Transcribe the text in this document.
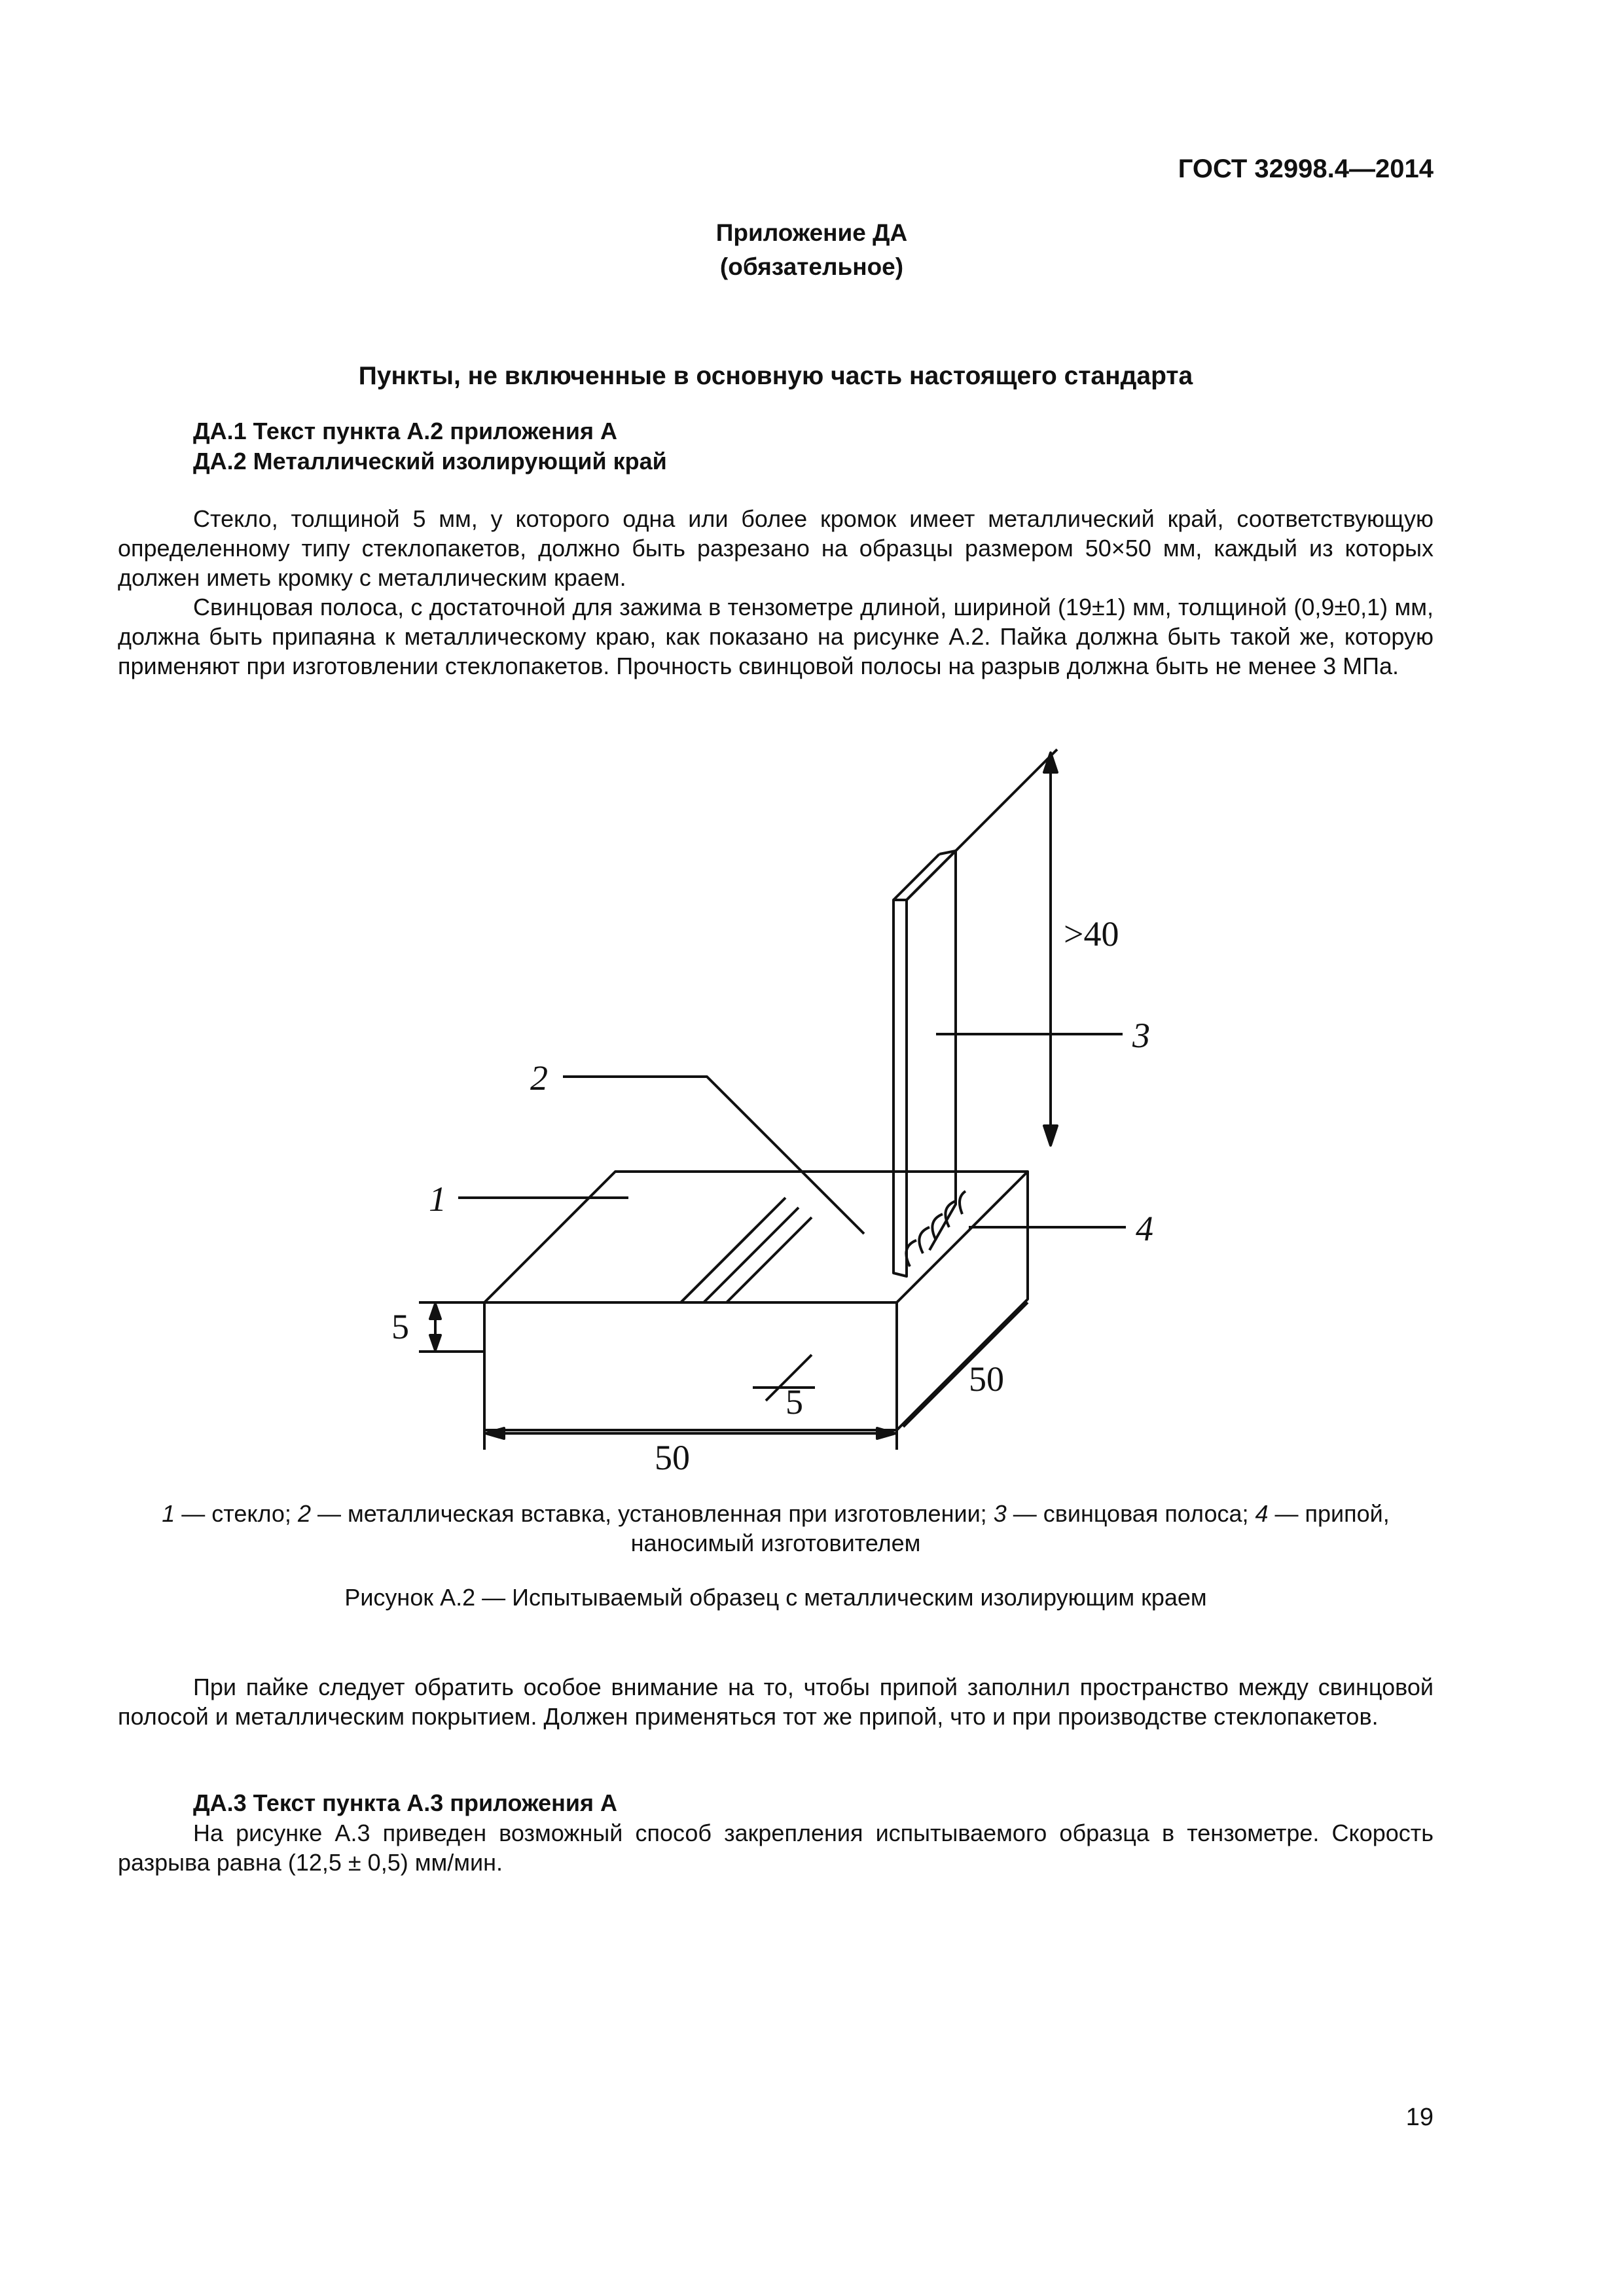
ГОСТ 32998.4—2014
Приложение ДА
(обязательное)
Пункты, не включенные в основную часть настоящего стандарта
ДА.1 Текст пункта А.2 приложения А
ДА.2 Металлический изолирующий край
Стекло, толщиной 5 мм, у которого одна или более кромок имеет металлический край, соответствующую определенному типу стеклопакетов, должно быть разрезано на образцы размером 50×50 мм, каждый из которых должен иметь кромку с металлическим краем.
Свинцовая полоса, с достаточной для зажима в тензометре длиной, шириной (19±1) мм, толщиной (0,9±0,1) мм, должна быть припаяна к металлическому краю, как показано на рисунке А.2. Пайка должна быть такой же, которую применяют при изготовлении стеклопакетов. Прочность свинцовой полосы на разрыв должна быть не менее 3 МПа.
1
2
3
4
>40
5
50
50
5
1 — стекло; 2 — металлическая вставка, установленная при изготовлении; 3 — свинцовая полоса; 4 — припой, наносимый изготовителем
Рисунок А.2 — Испытываемый образец с металлическим изолирующим краем
При пайке следует обратить особое внимание на то, чтобы припой заполнил пространство между свинцовой полосой и металлическим покрытием. Должен применяться тот же припой, что и при производстве стеклопакетов.
ДА.3 Текст пункта А.3 приложения А
На рисунке А.3 приведен возможный способ закрепления испытываемого образца в тензометре. Скорость разрыва равна (12,5 ± 0,5) мм/мин.
19
